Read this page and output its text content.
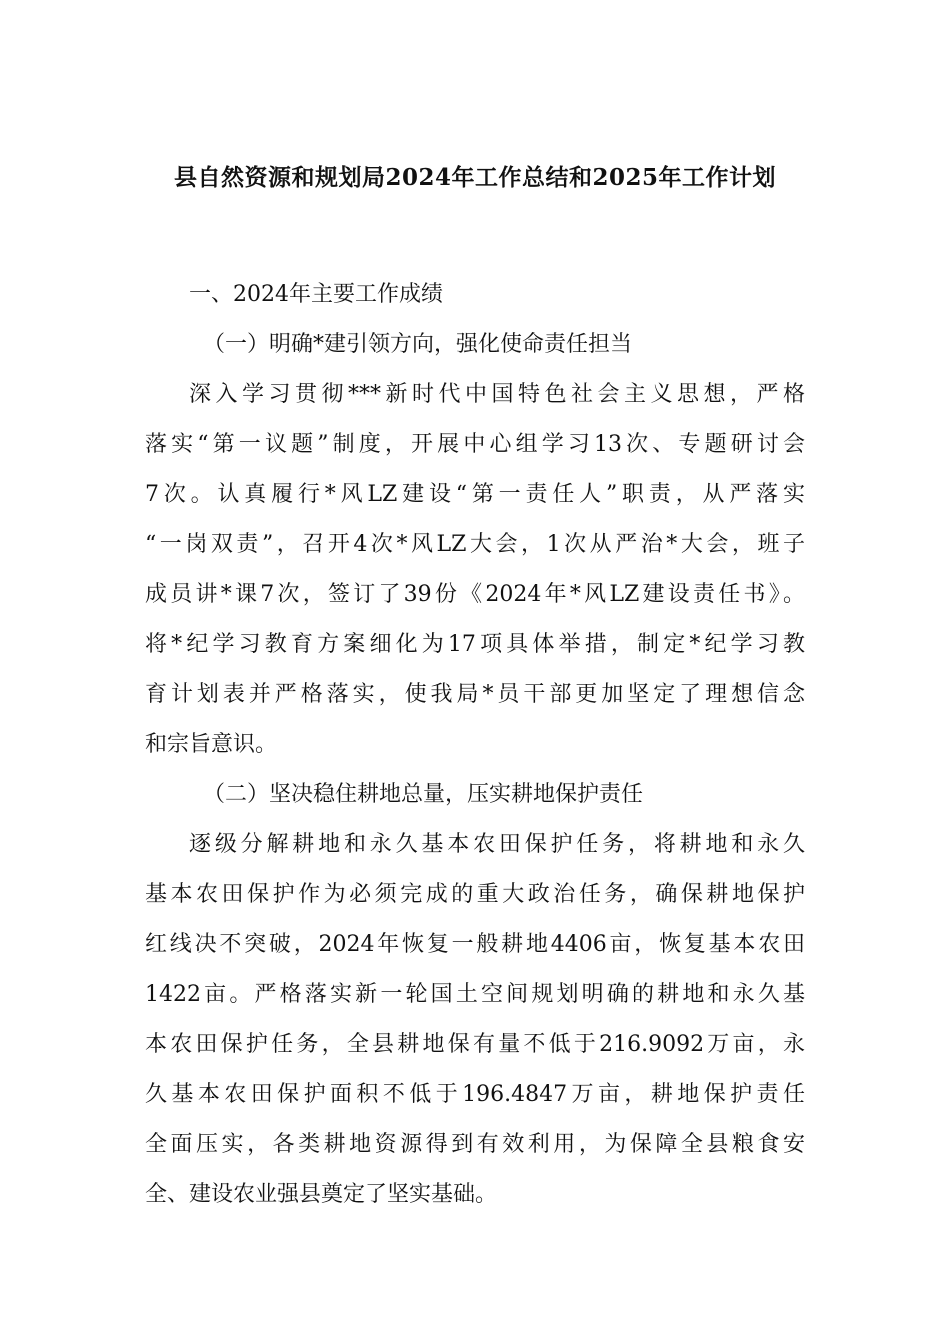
县自然资源和规划局2024年工作总结和2025年工作计划
一、2024年主要工作成绩
（一）明确*建引领方向，强化使命责任担当
深入学习贯彻***新时代中国特色社会主义思想，严格
落实“第一议题”制度，开展中心组学习13次、专题研讨会
7次。认真履行*风LZ建设“第一责任人”职责，从严落实
“一岗双责”，召开4次*风LZ大会，1次从严治*大会，班子
成员讲*课7次，签订了39份《2024年*风LZ建设责任书》。
将*纪学习教育方案细化为17项具体举措，制定*纪学习教
育计划表并严格落实，使我局*员干部更加坚定了理想信念
和宗旨意识。
（二）坚决稳住耕地总量，压实耕地保护责任
逐级分解耕地和永久基本农田保护任务，将耕地和永久
基本农田保护作为必须完成的重大政治任务，确保耕地保护
红线决不突破，2024年恢复一般耕地4406亩，恢复基本农田
1422亩。严格落实新一轮国土空间规划明确的耕地和永久基
本农田保护任务，全县耕地保有量不低于216.9092万亩，永
久基本农田保护面积不低于196.4847万亩，耕地保护责任
全面压实，各类耕地资源得到有效利用，为保障全县粮食安
全、建设农业强县奠定了坚实基础。
